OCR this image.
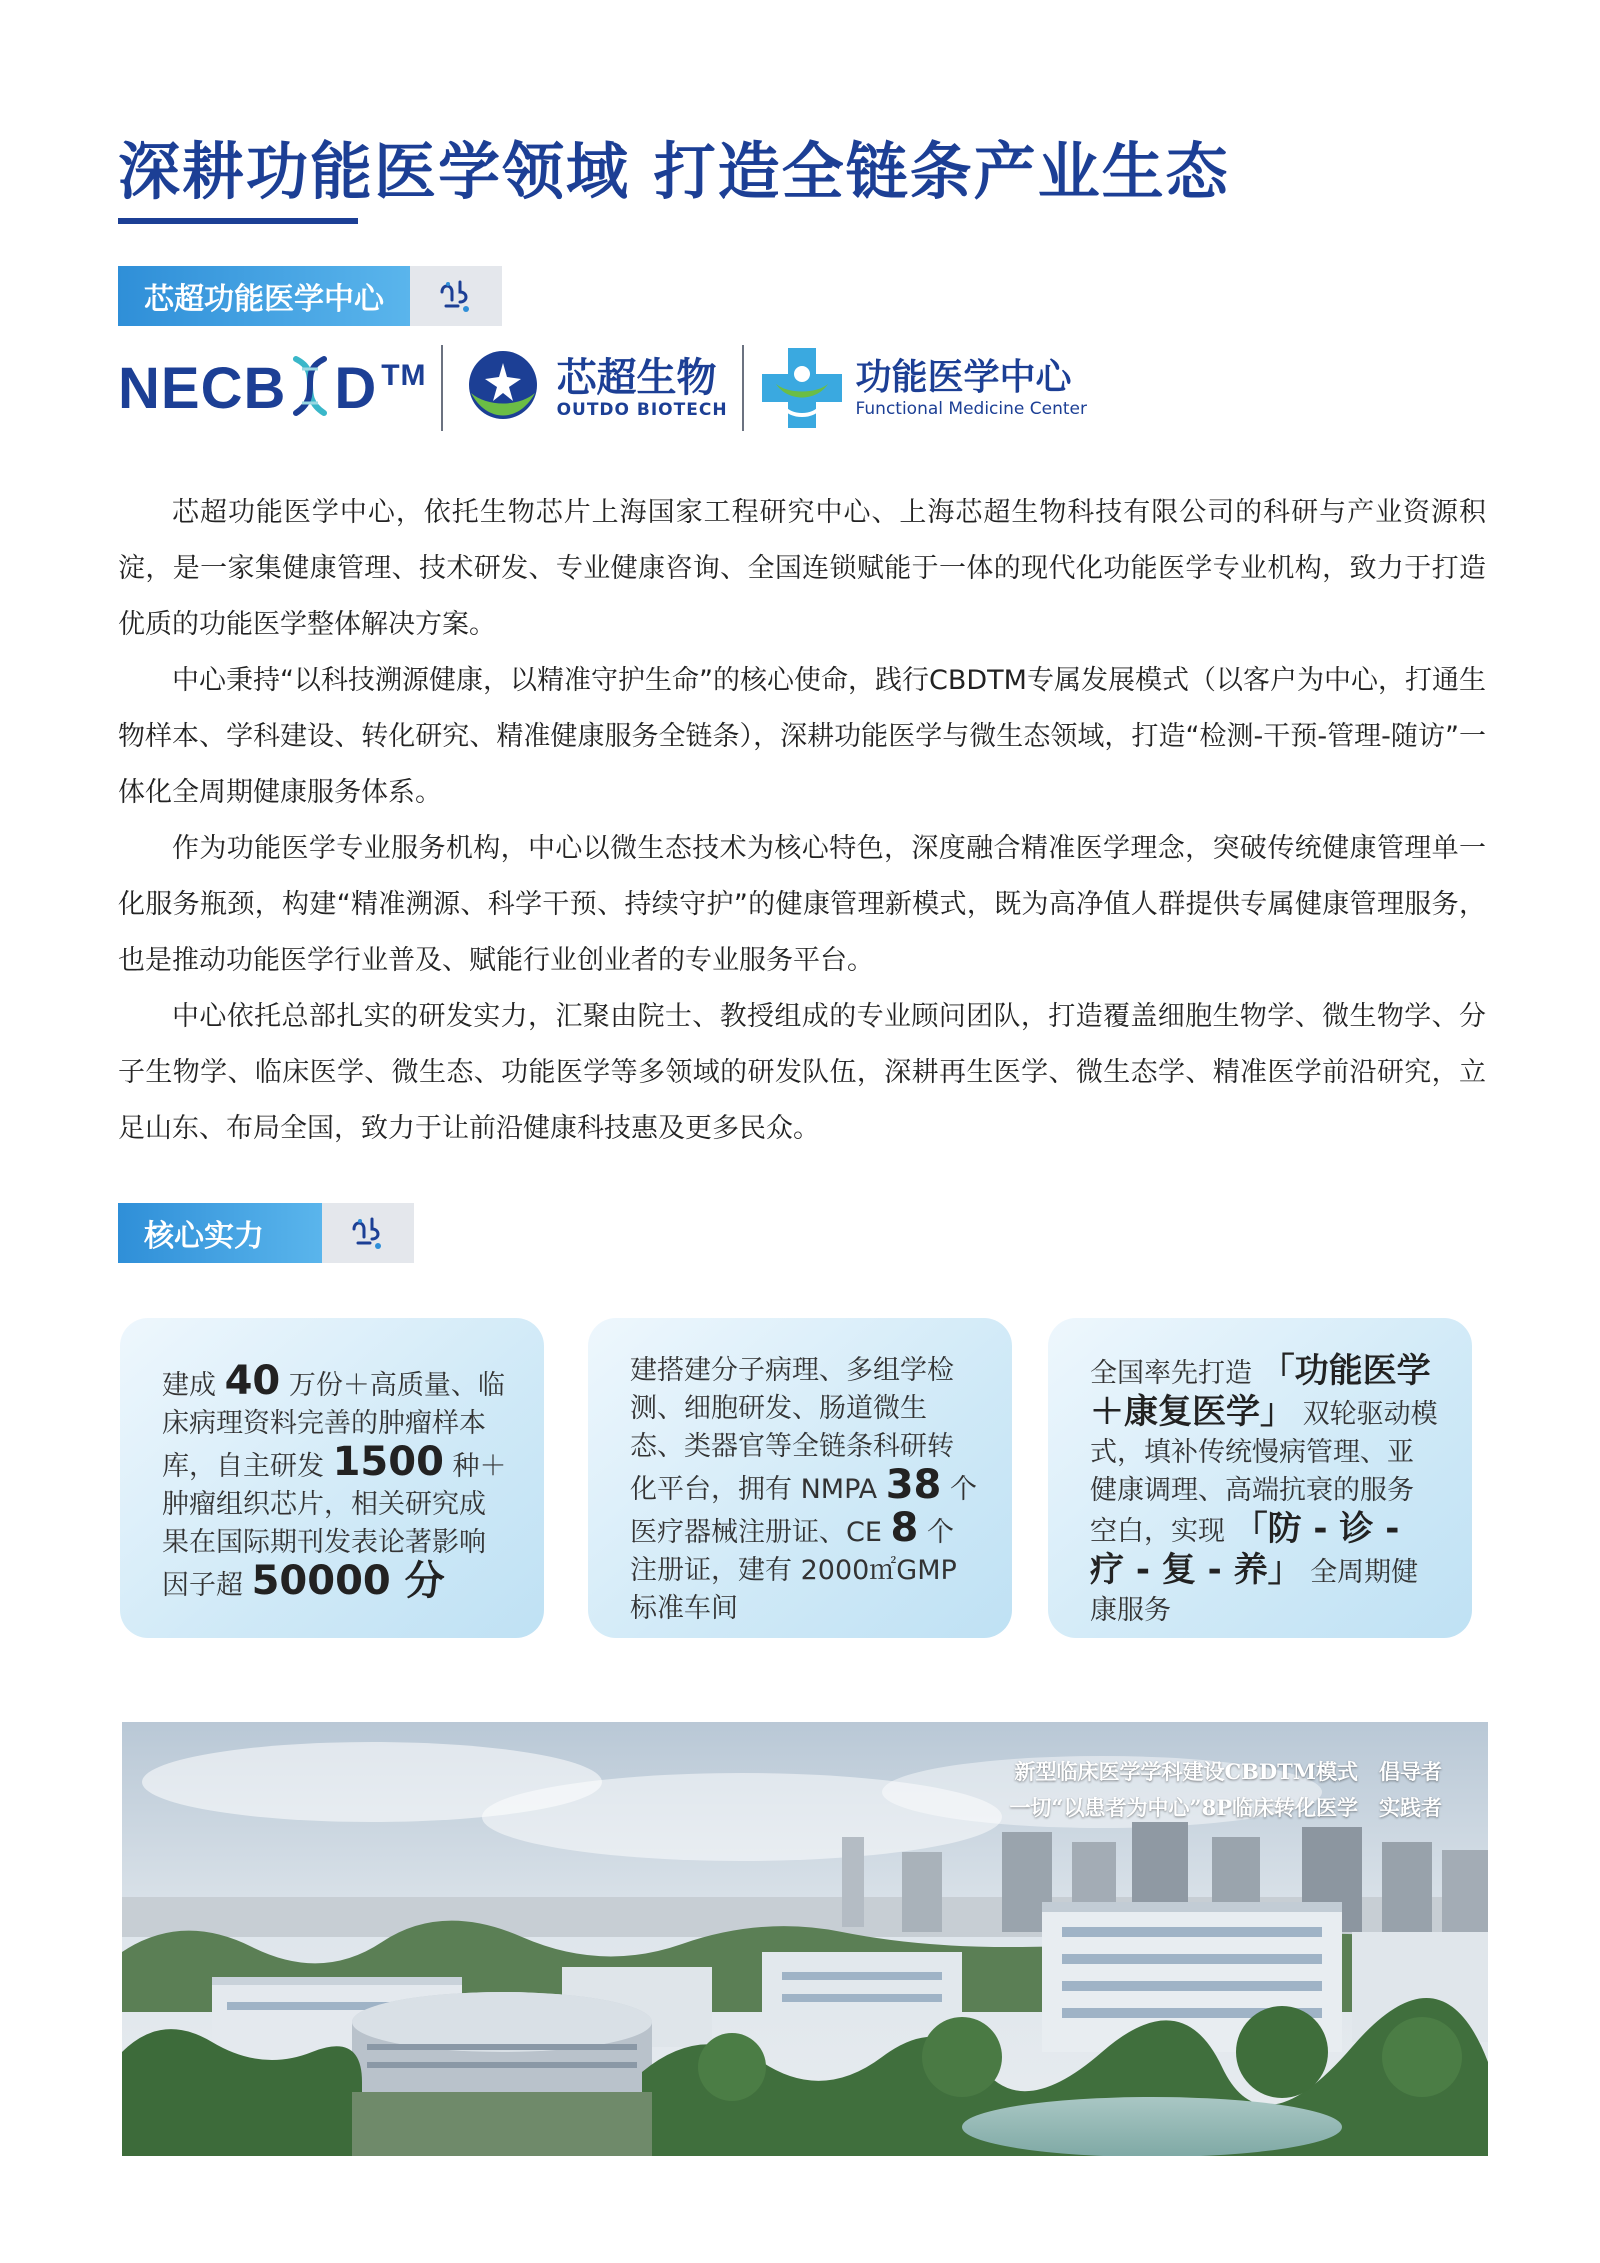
深耕功能医学领域 打造全链条产业生态
芯超功能医学中心
NECB D TM	芯超生物
OUTDO BIOTECH
功能医学中心
Functional Medicine Center

芯超功能医学中心，依托生物芯片上海国家工程研究中心、上海芯超生物科技有限公司的科研与产业资源积淀，是一家集健康管理、技术研发、专业健康咨询、全国连锁赋能于一体的现代化功能医学专业机构，致力于打造优质的功能医学整体解决方案。

中心秉持“以科技溯源健康，以精准守护生命”的核心使命，践行CBDTM专属发展模式（以客户为中心，打通生物样本、学科建设、转化研究、精准健康服务全链条），深耕功能医学与微生态领域，打造“检测-干预-管理-随访”一体化全周期健康服务体系。

作为功能医学专业服务机构，中心以微生态技术为核心特色，深度融合精准医学理念，突破传统健康管理单一化服务瓶颈，构建“精准溯源、科学干预、持续守护”的健康管理新模式，既为高净值人群提供专属健康管理服务，也是推动功能医学行业普及、赋能行业创业者的专业服务平台。

中心依托总部扎实的研发实力，汇聚由院士、教授组成的专业顾问团队，打造覆盖细胞生物学、微生物学、分子生物学、临床医学、微生态、功能医学等多领域的研发队伍，深耕再生医学、微生态学、精准医学前沿研究，立足山东、布局全国，致力于让前沿健康科技惠及更多民众。

核心实力
建成 40 万份＋高质量、临床病理资料完善的肿瘤样本库，自主研发 1500 种＋ 肿瘤组织芯片，相关研究成果在国际期刊发表论著影响因子超 50000 分
建搭建分子病理、多组学检测、细胞研发、肠道微生态、类器官等全链条科研转化平台，拥有 NMPA 38 个医疗器械注册证、CE 8 个注册证，建有 2000㎡GMP 标准车间
全国率先打造 「功能医学＋康复医学」 双轮驱动模式，填补传统慢病管理、亚健康调理、高端抗衰的服务空白，实现 「防 - 诊 - 疗 - 复 - 养」 全周期健康服务
新型临床医学学科建设CBDTM模式　倡导者
一切“以患者为中心”8P临床转化医学　实践者
